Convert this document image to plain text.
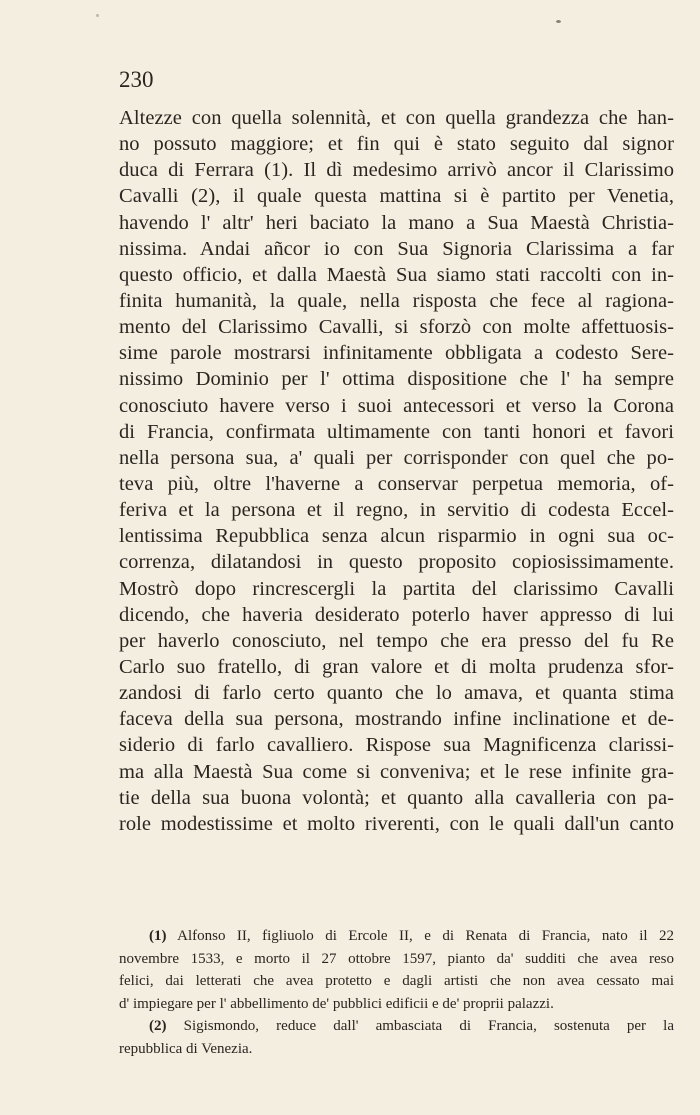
230
Altezze con quella solennità, et con quella grandezza che han-
no possuto maggiore; et fin qui è stato seguito dal signor
duca di Ferrara (1). Il dì medesimo arrivò ancor il Clarissimo
Cavalli (2), il quale questa mattina si è partito per Venetia,
havendo l' altr' heri baciato la mano a Sua Maestà Christia-
nissima. Andai añcor io con Sua Signoria Clarissima a far
questo officio, et dalla Maestà Sua siamo stati raccolti con in-
finita humanità, la quale, nella risposta che fece al ragiona-
mento del Clarissimo Cavalli, si sforzò con molte affettuosis-
sime parole mostrarsi infinitamente obbligata a codesto Sere-
nissimo Dominio per l' ottima dispositione che l' ha sempre
conosciuto havere verso i suoi antecessori et verso la Corona
di Francia, confirmata ultimamente con tanti honori et favori
nella persona sua, a' quali per corrisponder con quel che po-
teva più, oltre l'haverne a conservar perpetua memoria, of-
feriva et la persona et il regno, in servitio di codesta Eccel-
lentissima Repubblica senza alcun risparmio in ogni sua oc-
correnza, dilatandosi in questo proposito copiosissimamente.
Mostrò dopo rincrescergli la partita del clarissimo Cavalli
dicendo, che haveria desiderato poterlo haver appresso di lui
per haverlo conosciuto, nel tempo che era presso del fu Re
Carlo suo fratello, di gran valore et di molta prudenza sfor-
zandosi di farlo certo quanto che lo amava, et quanta stima
faceva della sua persona, mostrando infine inclinatione et de-
siderio di farlo cavalliero. Rispose sua Magnificenza clarissi-
ma alla Maestà Sua come si conveniva; et le rese infinite gra-
tie della sua buona volontà; et quanto alla cavalleria con pa-
role modestissime et molto riverenti, con le quali dall'un canto
(1) Alfonso II, figliuolo di Ercole II, e di Renata di Francia, nato il 22
novembre 1533, e morto il 27 ottobre 1597, pianto da' sudditi che avea reso
felici, dai letterati che avea protetto e dagli artisti che non avea cessato mai
d' impiegare per l' abbellimento de' pubblici edificii e de' proprii palazzi.
(2) Sigismondo, reduce dall' ambasciata di Francia, sostenuta per la
repubblica di Venezia.
